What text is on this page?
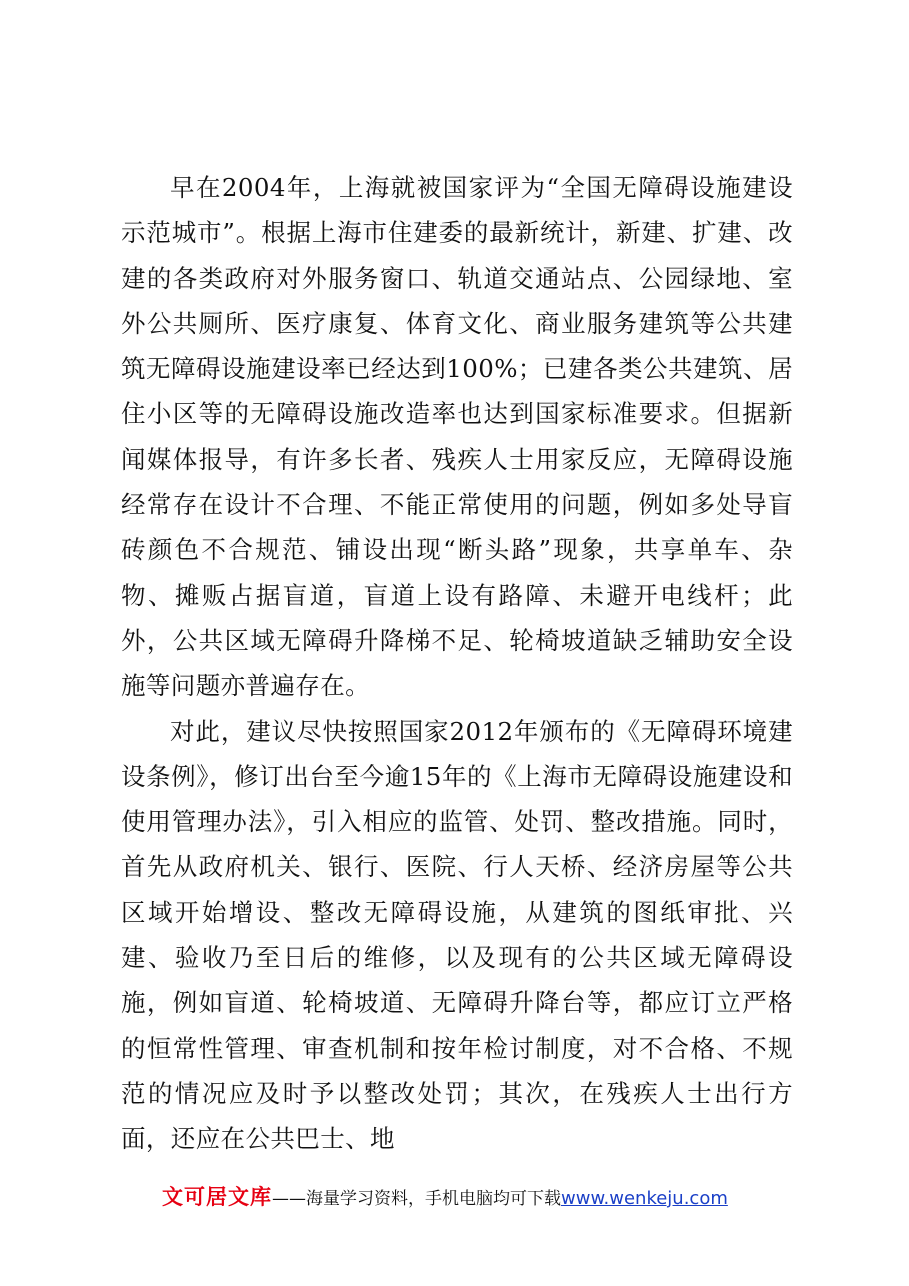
早在2004年，上海就被国家评为“全国无障碍设施建设示范城市”。根据上海市住建委的最新统计，新建、扩建、改建的各类政府对外服务窗口、轨道交通站点、公园绿地、室外公共厕所、医疗康复、体育文化、商业服务建筑等公共建筑无障碍设施建设率已经达到100%；已建各类公共建筑、居住小区等的无障碍设施改造率也达到国家标准要求。但据新闻媒体报导，有许多长者、残疾人士用家反应，无障碍设施经常存在设计不合理、不能正常使用的问题，例如多处导盲砖颜色不合规范、铺设出现“断头路”现象，共享单车、杂物、摊贩占据盲道，盲道上设有路障、未避开电线杆；此外，公共区域无障碍升降梯不足、轮椅坡道缺乏辅助安全设施等问题亦普遍存在。

对此，建议尽快按照国家2012年颁布的《无障碍环境建设条例》，修订出台至今逾15年的《上海市无障碍设施建设和使用管理办法》，引入相应的监管、处罚、整改措施。同时，首先从政府机关、银行、医院、行人天桥、经济房屋等公共区域开始增设、整改无障碍设施，从建筑的图纸审批、兴建、验收乃至日后的维修，以及现有的公共区域无障碍设施，例如盲道、轮椅坡道、无障碍升降台等，都应订立严格的恒常性管理、审查机制和按年检讨制度，对不合格、不规范的情况应及时予以整改处罚；其次，在残疾人士出行方面，还应在公共巴士、地

文可居文库——海量学习资料，手机电脑均可下载www.wenkeju.com
